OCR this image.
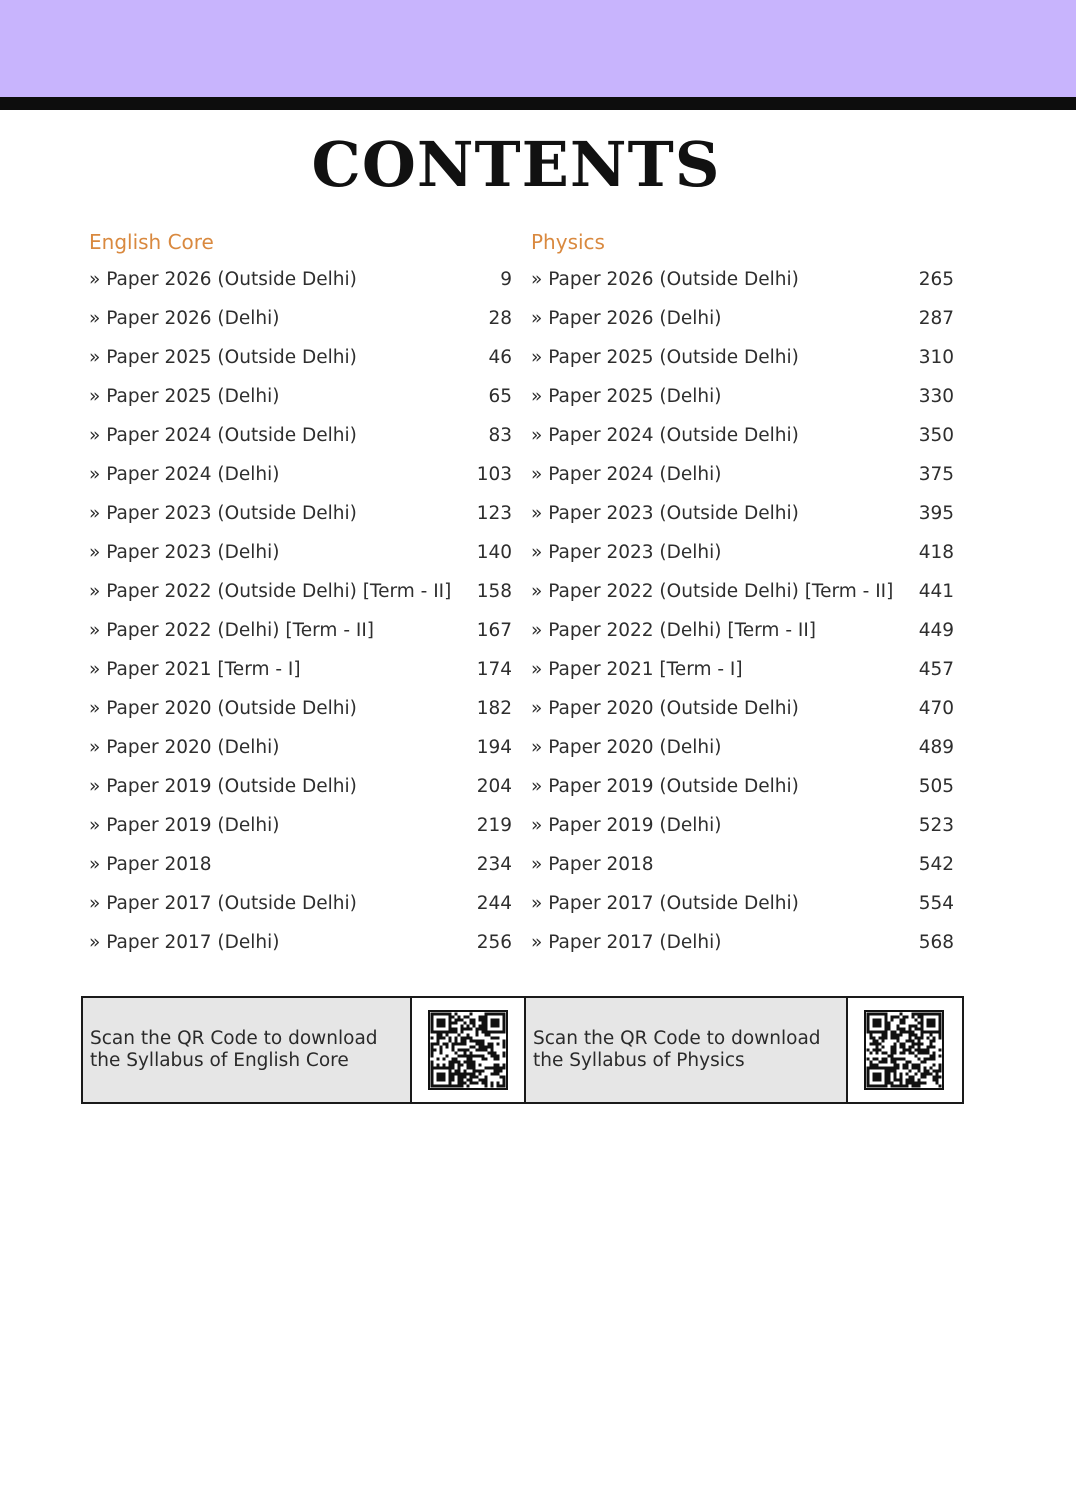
CONTENTS
English Core
» Paper 2026 (Outside Delhi)	9
» Paper 2026 (Delhi)	28
» Paper 2025 (Outside Delhi)	46
» Paper 2025 (Delhi)	65
» Paper 2024 (Outside Delhi)	83
» Paper 2024 (Delhi)	103
» Paper 2023 (Outside Delhi)	123
» Paper 2023 (Delhi)	140
» Paper 2022 (Outside Delhi) [Term - II]	158
» Paper 2022 (Delhi) [Term - II]	167
» Paper 2021 [Term - I]	174
» Paper 2020 (Outside Delhi)	182
» Paper 2020 (Delhi)	194
» Paper 2019 (Outside Delhi)	204
» Paper 2019 (Delhi)	219
» Paper 2018	234
» Paper 2017 (Outside Delhi)	244
» Paper 2017 (Delhi)	256
Physics
» Paper 2026 (Outside Delhi)	265
» Paper 2026 (Delhi)	287
» Paper 2025 (Outside Delhi)	310
» Paper 2025 (Delhi)	330
» Paper 2024 (Outside Delhi)	350
» Paper 2024 (Delhi)	375
» Paper 2023 (Outside Delhi)	395
» Paper 2023 (Delhi)	418
» Paper 2022 (Outside Delhi) [Term - II]	441
» Paper 2022 (Delhi) [Term - II]	449
» Paper 2021 [Term - I]	457
» Paper 2020 (Outside Delhi)	470
» Paper 2020 (Delhi)	489
» Paper 2019 (Outside Delhi)	505
» Paper 2019 (Delhi)	523
» Paper 2018	542
» Paper 2017 (Outside Delhi)	554
» Paper 2017 (Delhi)	568
Scan the QR Code to download
the Syllabus of English Core
Scan the QR Code to download
the Syllabus of Physics
